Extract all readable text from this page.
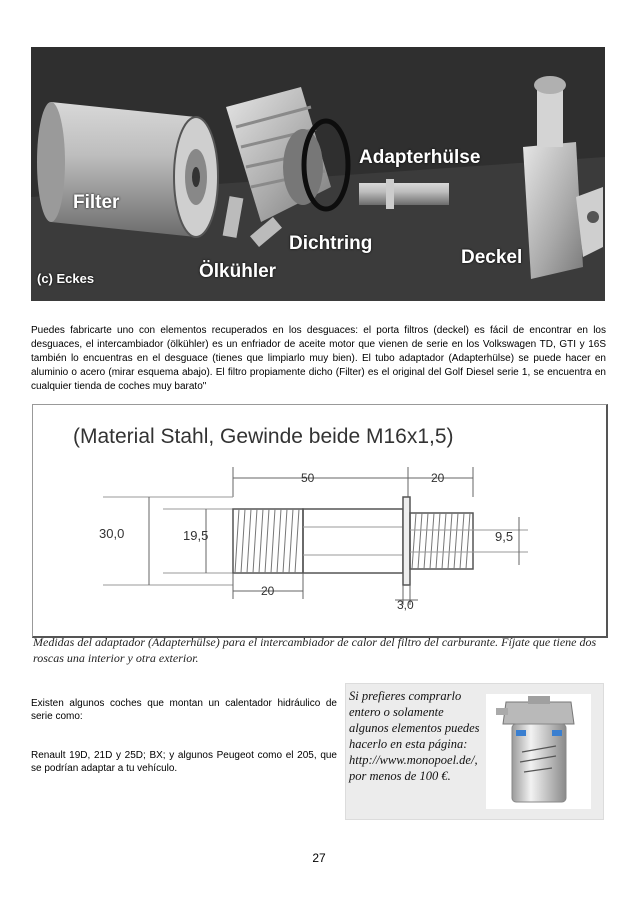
Filter
Ölkühler
Dichtring
Adapterhülse
Deckel
(c) Eckes
Puedes fabricarte uno con elementos recuperados en los desguaces: el porta filtros (deckel) es fácil de encontrar en los desguaces, el intercambiador (ölkühler) es un enfriador de aceite motor que vienen de serie en los Volkswagen TD, GTI y 16S también lo encuentras en el desguace (tienes que limpiarlo muy bien). El tubo adaptador (Adapterhülse) se puede hacer en aluminio o acero (mirar esquema abajo). El filtro propiamente dicho (Filter) es el original del Golf Diesel serie 1, se encuentra en cualquier tienda de coches muy barato"
(Material Stahl, Gewinde beide M16x1,5)
50	20
30,0	19,5	9,5
20
3,0
Medidas del adaptador (Adapterhülse) para el intercambiador de calor del filtro del carburante. Fíjate que tiene dos roscas una interior y otra exterior.

Existen algunos coches que montan un calentador hidráulico de serie como:

Renault 19D, 21D y 25D; BX; y algunos Peugeot como el 205, que se podrían adaptar a tu vehículo.

Si prefieres comprarlo entero o solamente algunos elementos puedes hacerlo en esta página: http://www.monopoel.de/, por menos de 100 €.
27
